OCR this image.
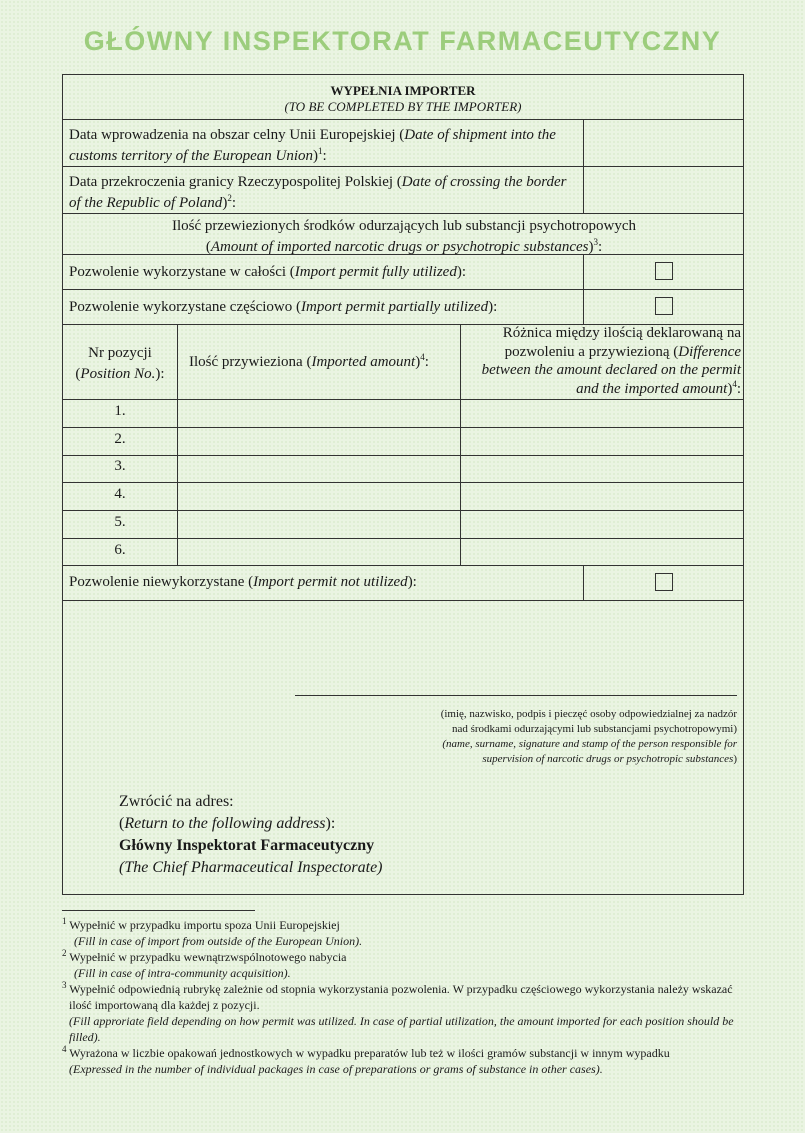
GŁÓWNY INSPEKTORAT FARMACEUTYCZNY
WYPEŁNIA IMPORTER
(TO BE COMPLETED BY THE IMPORTER)
Data wprowadzenia na obszar celny Unii Europejskiej (Date of shipment into the customs territory of the European Union)$^1$:
Data przekroczenia granicy Rzeczypospolitej Polskiej (Date of crossing the border of the Republic of Poland)$^2$:
Ilość przewiezionych środków odurzających lub substancji psychotropowych
(Amount of imported narcotic drugs or psychotropic substances)$^3$:
Pozwolenie wykorzystane w całości (Import permit fully utilized):
Pozwolenie wykorzystane częściowo (Import permit partially utilized):
Nr pozycji
(Position No.):
Ilość przywieziona (Imported amount)$^4$:
Różnica między ilością deklarowaną na pozwoleniu a przywiezioną (Difference between the amount declared on the permit and the imported amount)$^4$:
1.
2.
3.
4.
5.
6.
Pozwolenie niewykorzystane (Import permit not utilized):
(imię, nazwisko, podpis i pieczęć osoby odpowiedzialnej za nadzór
nad środkami odurzającymi lub substancjami psychotropowymi)
(name, surname, signature and stamp of the person responsible for
supervision of narcotic drugs or psychotropic substances)
Zwrócić na adres:
(Return to the following address):
Główny Inspektorat Farmaceutyczny
(The Chief Pharmaceutical Inspectorate)
$^1$ Wypełnić w przypadku importu spoza Unii Europejskiej
(Fill in case of import from outside of the European Union).
$^2$ Wypełnić w przypadku wewnątrzwspólnotowego nabycia
(Fill in case of intra-community acquisition).
$^3$ Wypełnić odpowiednią rubrykę zależnie od stopnia wykorzystania pozwolenia. W przypadku częściowego wykorzystania należy wskazać ilość importowaną dla każdej z pozycji.
(Fill approriate field depending on how permit was utilized. In case of partial utilization, the amount imported for each position should be filled).
$^4$ Wyrażona w liczbie opakowań jednostkowych w wypadku preparatów lub też w ilości gramów substancji w innym wypadku
(Expressed in the number of individual packages in case of preparations or grams of substance in other cases).
